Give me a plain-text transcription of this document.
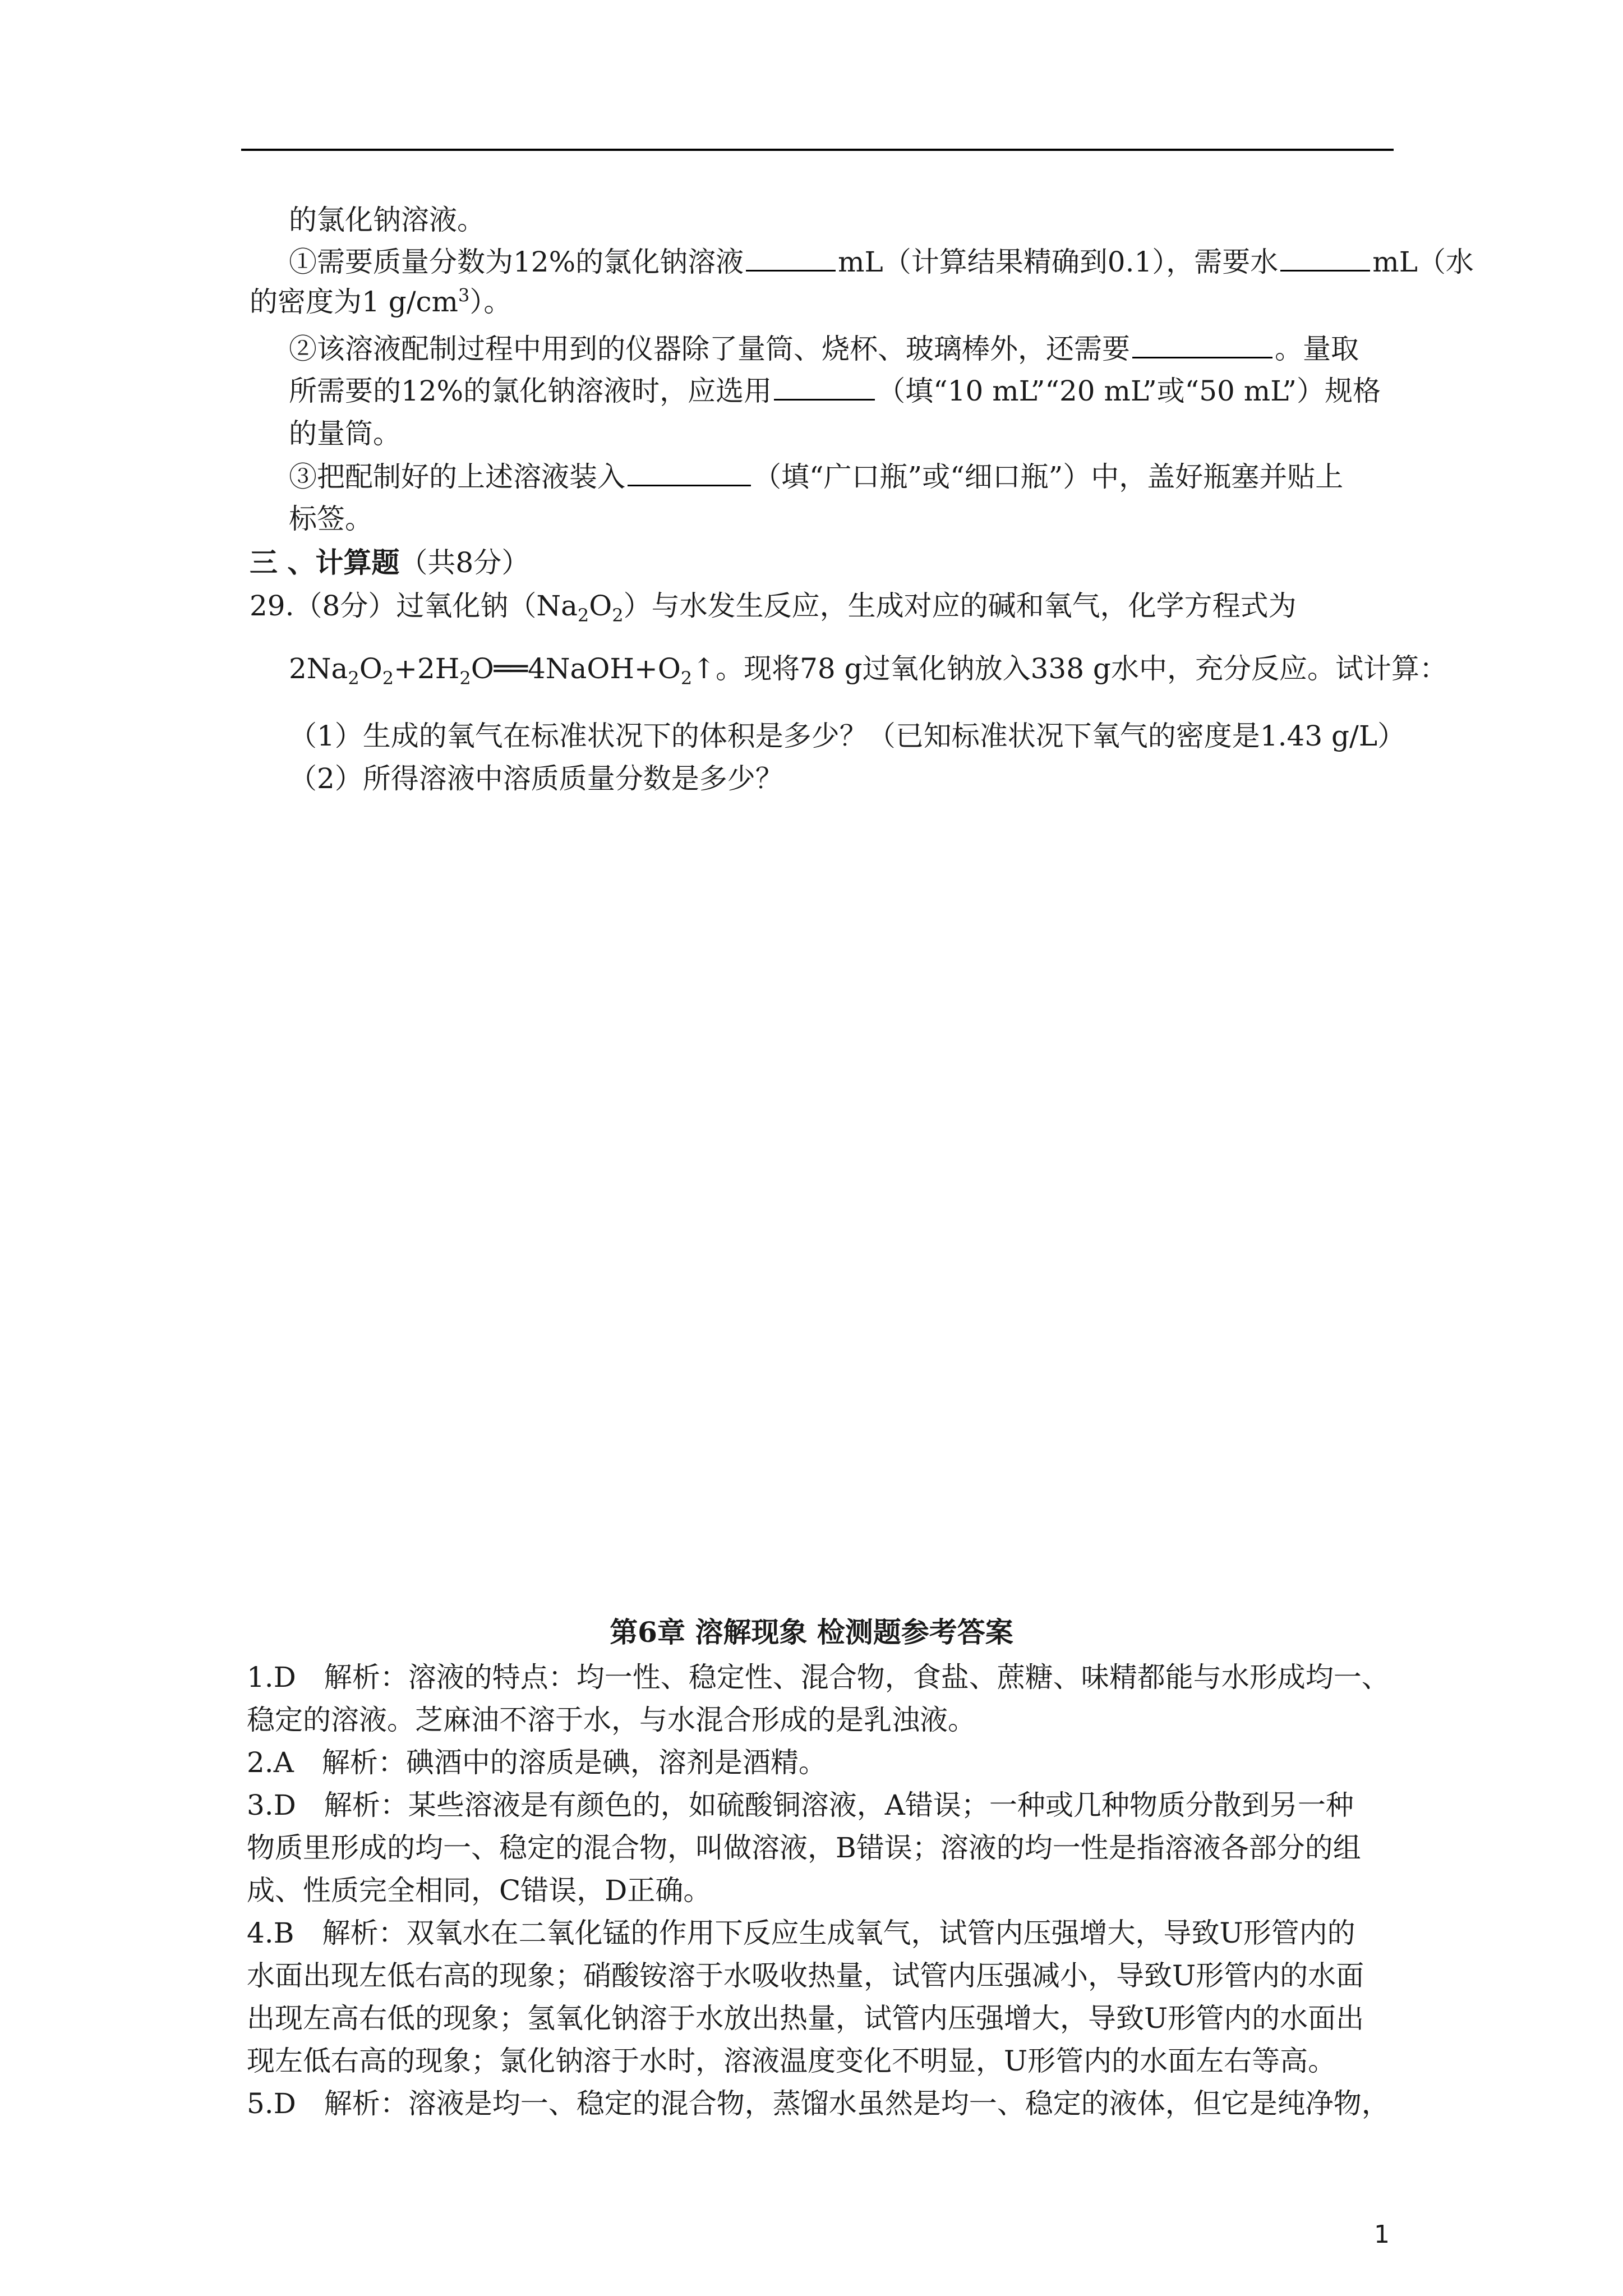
的氯化钠溶液。
①需要质量分数为12%的氯化钠溶液	mL（计算结果精确到0.1），需要水	mL（水
的密度为1 $g/cm^3$）。
②该溶液配制过程中用到的仪器除了量筒、烧杯、玻璃棒外，还需要	。量取
所需要的12%的氯化钠溶液时，应选用	（填“10 mL”“20 mL”或“50 mL”）规格
的量筒。
③把配制好的上述溶液装入	（填“广口瓶”或“细口瓶”）中，盖好瓶塞并贴上
标签。
三 、计算题（共8分）
29.（8分）过氧化钠$(Na_2O_2)$与水发生反应，生成对应的碱和氧气，化学方程式为
$2Na_2O_2+2H_2O══4NaOH+O_2↑$。现将78 g过氧化钠放入338 g水中，充分反应。试计算：
（1）生成的氧气在标准状况下的体积是多少？（已知标准状况下氧气的密度是1.43 g/L）
（2）所得溶液中溶质质量分数是多少？
第6章 溶解现象 检测题参考答案
1.D　解析：溶液的特点：均一性、稳定性、混合物，食盐、蔗糖、味精都能与水形成均一、
稳定的溶液。芝麻油不溶于水，与水混合形成的是乳浊液。
2.A　解析：碘酒中的溶质是碘，溶剂是酒精。
3.D　解析：某些溶液是有颜色的，如硫酸铜溶液，A错误；一种或几种物质分散到另一种
物质里形成的均一、稳定的混合物，叫做溶液，B错误；溶液的均一性是指溶液各部分的组
成、性质完全相同，C错误，D正确。
4.B　解析：双氧水在二氧化锰的作用下反应生成氧气，试管内压强增大，导致U形管内的
水面出现左低右高的现象；硝酸铵溶于水吸收热量，试管内压强减小，导致U形管内的水面
出现左高右低的现象；氢氧化钠溶于水放出热量，试管内压强增大，导致U形管内的水面出
现左低右高的现象；氯化钠溶于水时，溶液温度变化不明显，U形管内的水面左右等高。
5.D　解析：溶液是均一、稳定的混合物，蒸馏水虽然是均一、稳定的液体，但它是纯净物，
1
